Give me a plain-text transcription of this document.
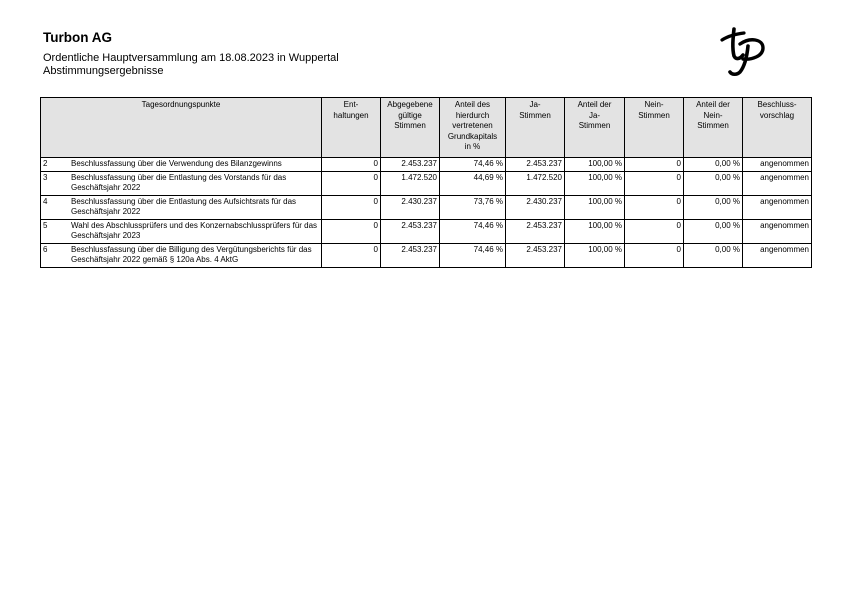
Turbon AG
Ordentliche Hauptversammlung am 18.08.2023 in Wuppertal
Abstimmungsergebnisse
Tagesordnungspunkte	Ent-
haltungen	Abgegebene
gültige
Stimmen	Anteil des
hierdurch
vertretenen
Grundkapitals
in %	Ja-
Stimmen	Anteil der
Ja-
Stimmen	Nein-
Stimmen	Anteil der
Nein-
Stimmen	Beschluss-
vorschlag

2 Beschlussfassung über die Verwendung des Bilanzgewinns	0	2.453.237	74,46 %	2.453.237	100,00 %	0	0,00 %	angenommen

3 Beschlussfassung über die Entlastung des Vorstands für das Geschäftsjahr 2022	0	1.472.520	44,69 %	1.472.520	100,00 %	0	0,00 %	angenommen

4 Beschlussfassung über die Entlastung des Aufsichtsrats für das Geschäftsjahr 2022	0	2.430.237	73,76 %	2.430.237	100,00 %	0	0,00 %	angenommen

5 Wahl des Abschlussprüfers und des Konzernabschlussprüfers für das Geschäftsjahr 2023	0	2.453.237	74,46 %	2.453.237	100,00 %	0	0,00 %	angenommen

6 Beschlussfassung über die Billigung des Vergütungsberichts für das Geschäftsjahr 2022 gemäß § 120a Abs. 4 AktG	0	2.453.237	74,46 %	2.453.237	100,00 %	0	0,00 %	angenommen
